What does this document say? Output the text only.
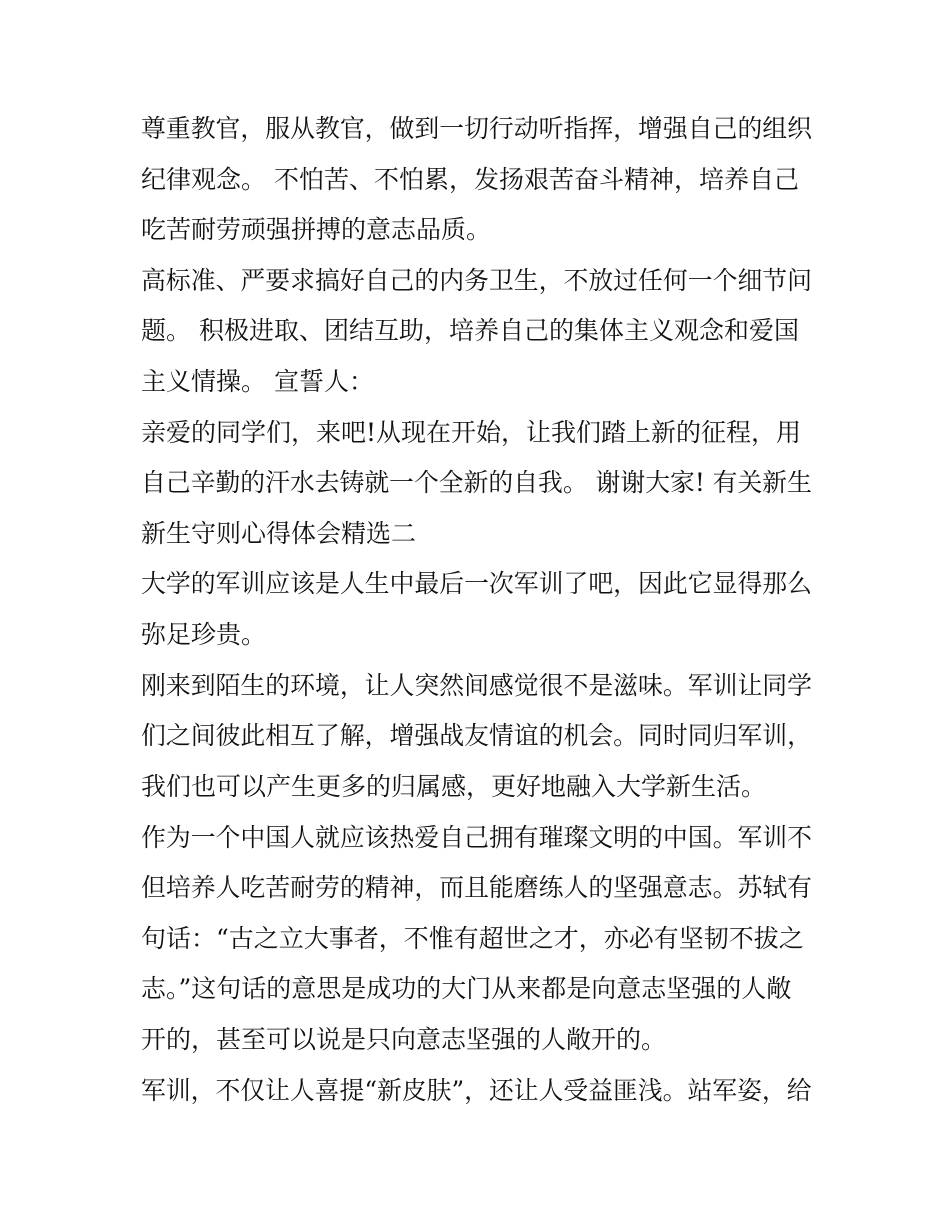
尊重教官，服从教官，做到一切行动听指挥，增强自己的组织
纪律观念。 不怕苦、不怕累，发扬艰苦奋斗精神，培养自己
吃苦耐劳顽强拼搏的意志品质。
高标准、严要求搞好自己的内务卫生，不放过任何一个细节问
题。 积极进取、团结互助，培养自己的集体主义观念和爱国
主义情操。 宣誓人：
亲爱的同学们，来吧!从现在开始，让我们踏上新的征程，用
自己辛勤的汗水去铸就一个全新的自我。 谢谢大家! 有关新生
新生守则心得体会精选二
大学的军训应该是人生中最后一次军训了吧，因此它显得那么
弥足珍贵。
刚来到陌生的环境，让人突然间感觉很不是滋味。军训让同学
们之间彼此相互了解，增强战友情谊的机会。同时同归军训，
我们也可以产生更多的归属感，更好地融入大学新生活。
作为一个中国人就应该热爱自己拥有璀璨文明的中国。军训不
但培养人吃苦耐劳的精神，而且能磨练人的坚强意志。苏轼有
句话：“古之立大事者，不惟有超世之才，亦必有坚韧不拔之
志。”这句话的意思是成功的大门从来都是向意志坚强的人敞
开的，甚至可以说是只向意志坚强的人敞开的。
军训，不仅让人喜提“新皮肤”，还让人受益匪浅。站军姿，给
